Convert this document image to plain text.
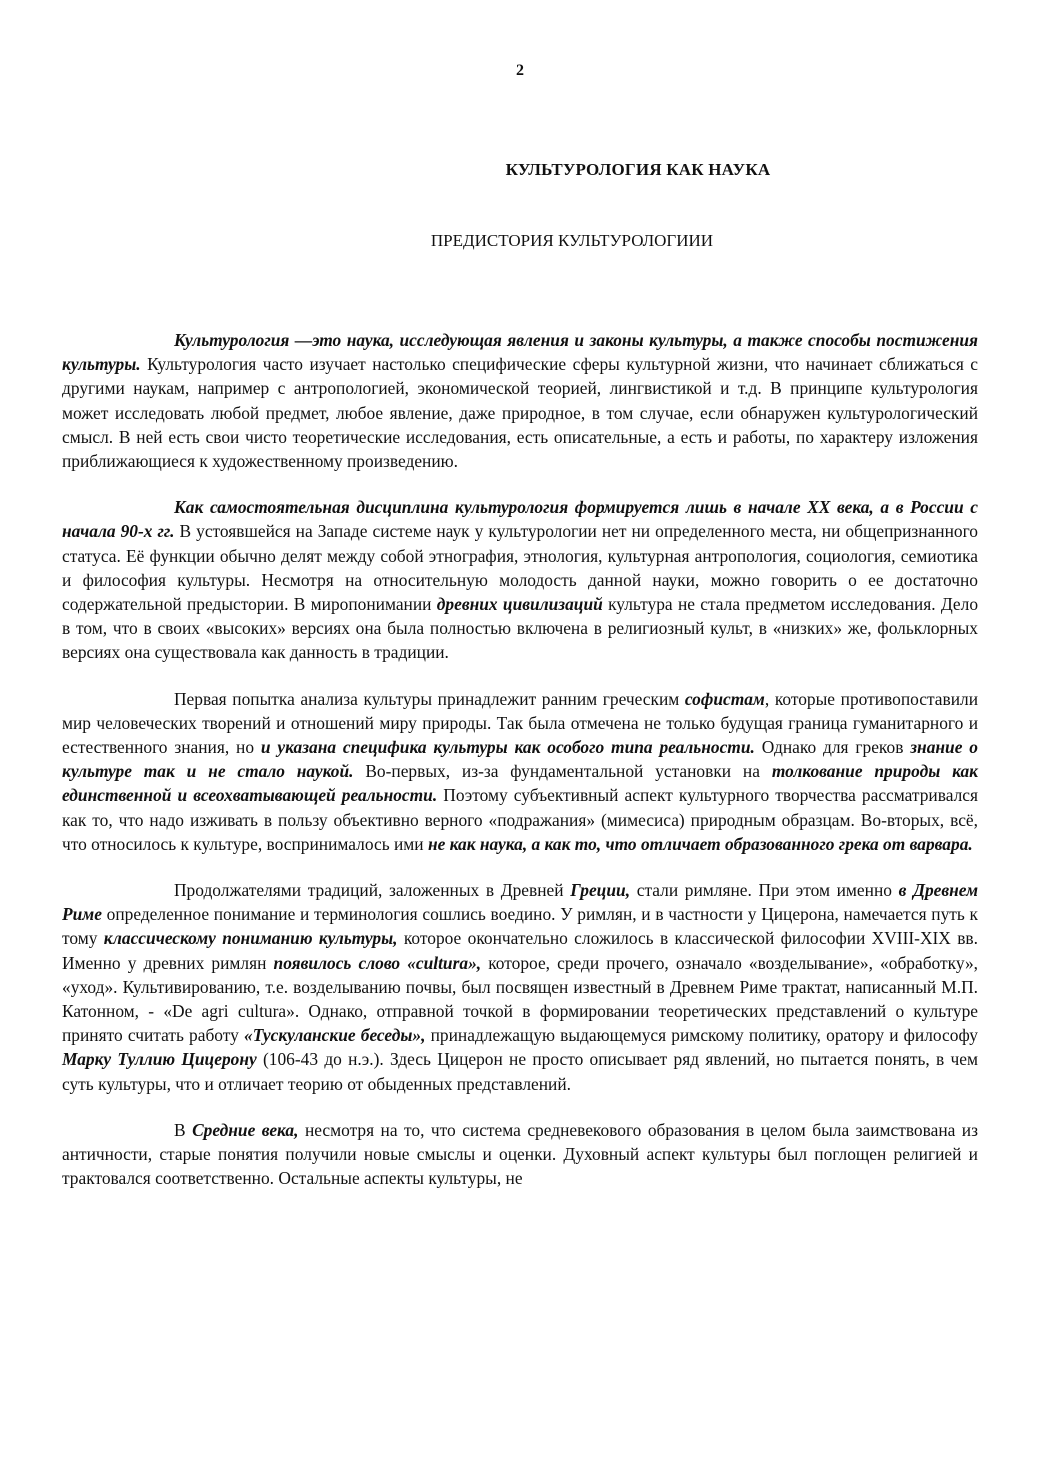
2
КУЛЬТУРОЛОГИЯ КАК НАУКА
ПРЕДИСТОРИЯ КУЛЬТУРОЛОГИИИ

Культурология —это наука, исследующая явления и законы культуры, а также способы постижения культуры. Культурология часто изучает настолько специфические сферы культурной жизни, что начинает сближаться с другими наукам, например с антропологией, экономической теорией, лингвистикой и т.д. В принципе культурология может исследовать любой предмет, любое явление, даже природное, в том случае, если обнаружен культурологический смысл. В ней есть свои чисто теоретические исследования, есть описательные, а есть и работы, по характеру изложения приближающиеся к художественному произведению.

Как самостоятельная дисциплина культурология формируется лишь в начале XX века, а в России с начала 90-х гг. В устоявшейся на Западе системе наук у культурологии нет ни определенного места, ни общепризнанного статуса. Её функции обычно делят между собой этнография, этнология, культурная антропология, социология, семиотика и философия культуры. Несмотря на относительную молодость данной науки, можно говорить о ее достаточно содержательной предыстории. В миропонимании древних цивилизаций культура не стала предметом исследования. Дело в том, что в своих «высоких» версиях она была полностью включена в религиозный культ, в «низких» же, фольклорных версиях она существовала как данность в традиции.

Первая попытка анализа культуры принадлежит ранним греческим софистам, которые противопоставили мир человеческих творений и отношений миру природы. Так была отмечена не только будущая граница гуманитарного и естественного знания, но и указана специфика культуры как особого типа реальности. Однако для греков знание о культуре так и не стало наукой. Во-первых, из-за фундаментальной установки на толкование природы как единственной и всеохватывающей реальности. Поэтому субъективный аспект культурного творчества рассматривался как то, что надо изживать в пользу объективно верного «подражания» (мимесиса) природным образцам. Во-вторых, всё, что относилось к культуре, воспринималось ими не как наука, а как то, что отличает образованного грека от варвара.

Продолжателями традиций, заложенных в Древней Греции, стали римляне. При этом именно в Древнем Риме определенное понимание и терминология сошлись воедино. У римлян, и в частности у Цицерона, намечается путь к тому классическому пониманию культуры, которое окончательно сложилось в классической философии XVIII-XIX вв. Именно у древних римлян появилось слово «cultura», которое, среди прочего, означало «возделывание», «обработку», «уход». Культивированию, т.е. возделыванию почвы, был посвящен известный в Древнем Риме трактат, написанный М.П. Катонном, - «De agri cultura». Однако, отправной точкой в формировании теоретических представлений о культуре принято считать работу «Тускуланские беседы», принадлежащую выдающемуся римскому политику, оратору и философу Марку Туллию Цицерону (106-43 до н.э.). Здесь Цицерон не просто описывает ряд явлений, но пытается понять, в чем суть культуры, что и отличает теорию от обыденных представлений.

В Средние века, несмотря на то, что система средневекового образования в целом была заимствована из античности, старые понятия получили новые смыслы и оценки. Духовный аспект культуры был поглощен религией и трактовался соответственно. Остальные аспекты культуры, не
